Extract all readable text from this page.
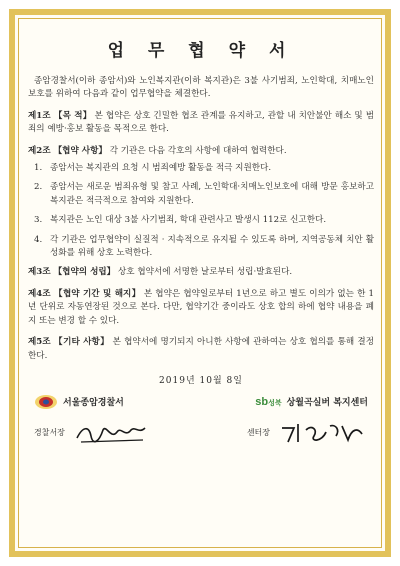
업 무 협 약 서

종암경찰서(이하 종암서)와 노인복지관(이하 복지관)은 3불 사기범죄, 노인학대, 치매노인보호를 위하여 다음과 같이 업무협약을 체결한다.

제1조 【목 적】 본 협약은 상호 긴밀한 협조 관계를 유지하고, 관할 내 치안불안 해소 및 범죄의 예방·홍보 활동을 목적으로 한다.

제2조 【협약 사항】 각 기관은 다음 각호의 사항에 대하여 협력한다.

1. 종암서는 복지관의 요청 시 범죄예방 활동을 적극 지원한다.
2. 종암서는 새로운 범죄유형 및 참고 사례, 노인학대·치매노인보호에 대해 방문 홍보하고 복지관은 적극적으로 참여와 지원한다.
3. 복지관은 노인 대상 3불 사기범죄, 학대 관련사고 발생시 112로 신고한다.
4. 각 기관은 업무협약이 실질적 · 지속적으로 유지될 수 있도록 하며, 지역공동체 치안 활성화를 위해 상호 노력한다.

제3조 【협약의 성립】 상호 협약서에 서명한 날로부터 성립·발효된다.

제4조 【협약 기간 및 해지】 본 협약은 협약일로부터 1년으로 하고 별도 이의가 없는 한 1년 단위로 자동연장된 것으로 본다. 다만, 협약기간 중이라도 상호 합의 하에 협약 내용을 폐지 또는 변경 할 수 있다.

제5조 【기타 사항】 본 협약서에 명기되지 아니한 사항에 관하여는 상호 협의를 통해 결정한다.

2019년 10월 8일
서울종암경찰서	sb성북 상월곡실버 복지센터
경찰서장	센터장
